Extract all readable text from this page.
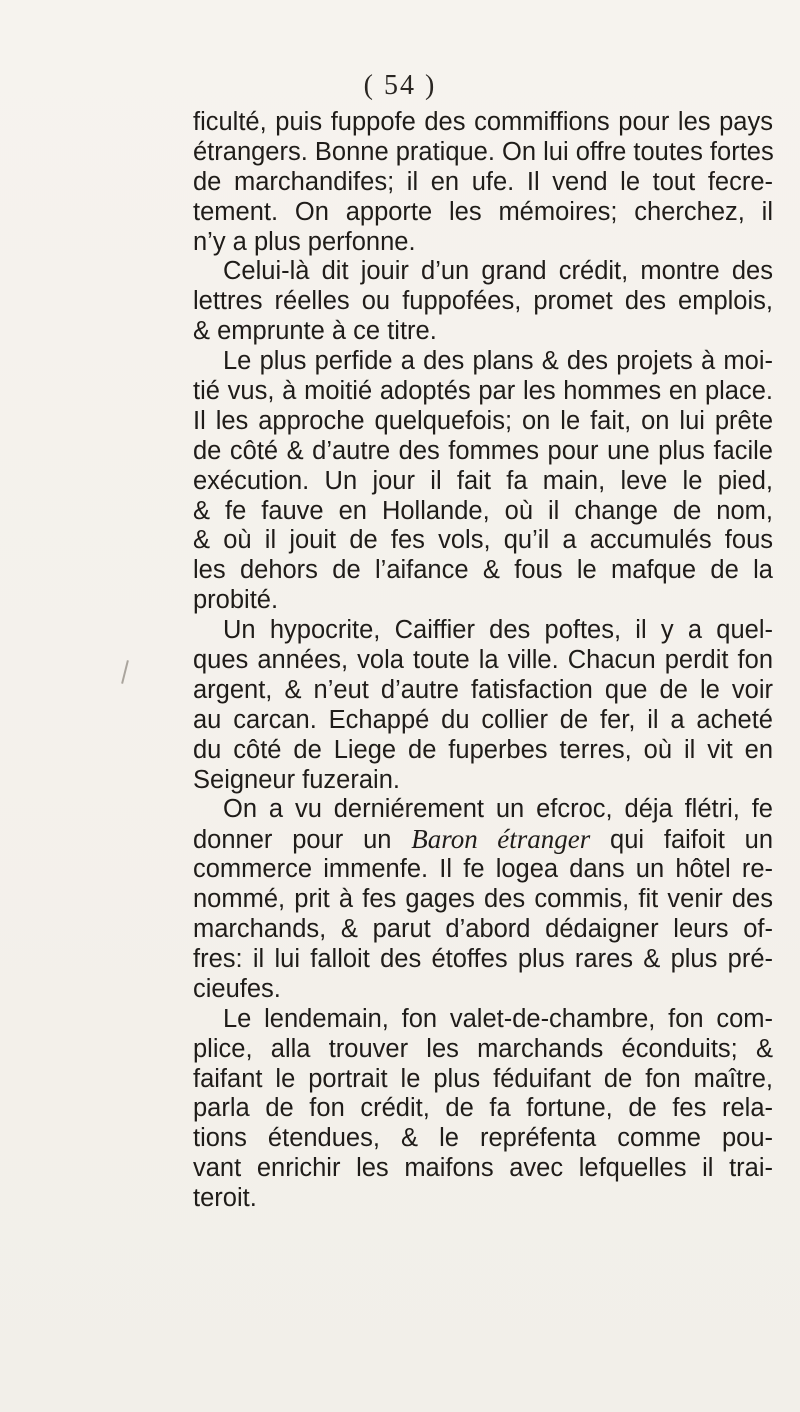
( 54 )
ficulté, puis fuppofe des commiffions pour les pays
étrangers. Bonne pratique. On lui offre toutes fortes
de marchandifes; il en ufe. Il vend le tout fecre-
tement. On apporte les mémoires; cherchez, il
n’y a plus perfonne.
Celui-là dit jouir d’un grand crédit, montre des
lettres réelles ou fuppofées, promet des emplois,
& emprunte à ce titre.
Le plus perfide a des plans & des projets à moi-
tié vus, à moitié adoptés par les hommes en place.
Il les approche quelquefois; on le fait, on lui prête
de côté & d’autre des fommes pour une plus facile
exécution. Un jour il fait fa main, leve le pied,
& fe fauve en Hollande, où il change de nom,
& où il jouit de fes vols, qu’il a accumulés fous
les dehors de l’aifance & fous le mafque de la
probité.
Un hypocrite, Caiffier des poftes, il y a quel-
ques années, vola toute la ville. Chacun perdit fon
argent, & n’eut d’autre fatisfaction que de le voir
au carcan. Echappé du collier de fer, il a acheté
du côté de Liege de fuperbes terres, où il vit en
Seigneur fuzerain.
On a vu derniérement un efcroc, déja flétri, fe
donner pour un Baron étranger qui faifoit un
commerce immenfe. Il fe logea dans un hôtel re-
nommé, prit à fes gages des commis, fit venir des
marchands, & parut d’abord dédaigner leurs of-
fres: il lui falloit des étoffes plus rares & plus pré-
cieufes.
Le lendemain, fon valet-de-chambre, fon com-
plice, alla trouver les marchands éconduits; &
faifant le portrait le plus féduifant de fon maître,
parla de fon crédit, de fa fortune, de fes rela-
tions étendues, & le repréfenta comme pou-
vant enrichir les maifons avec lefquelles il trai-
teroit.
